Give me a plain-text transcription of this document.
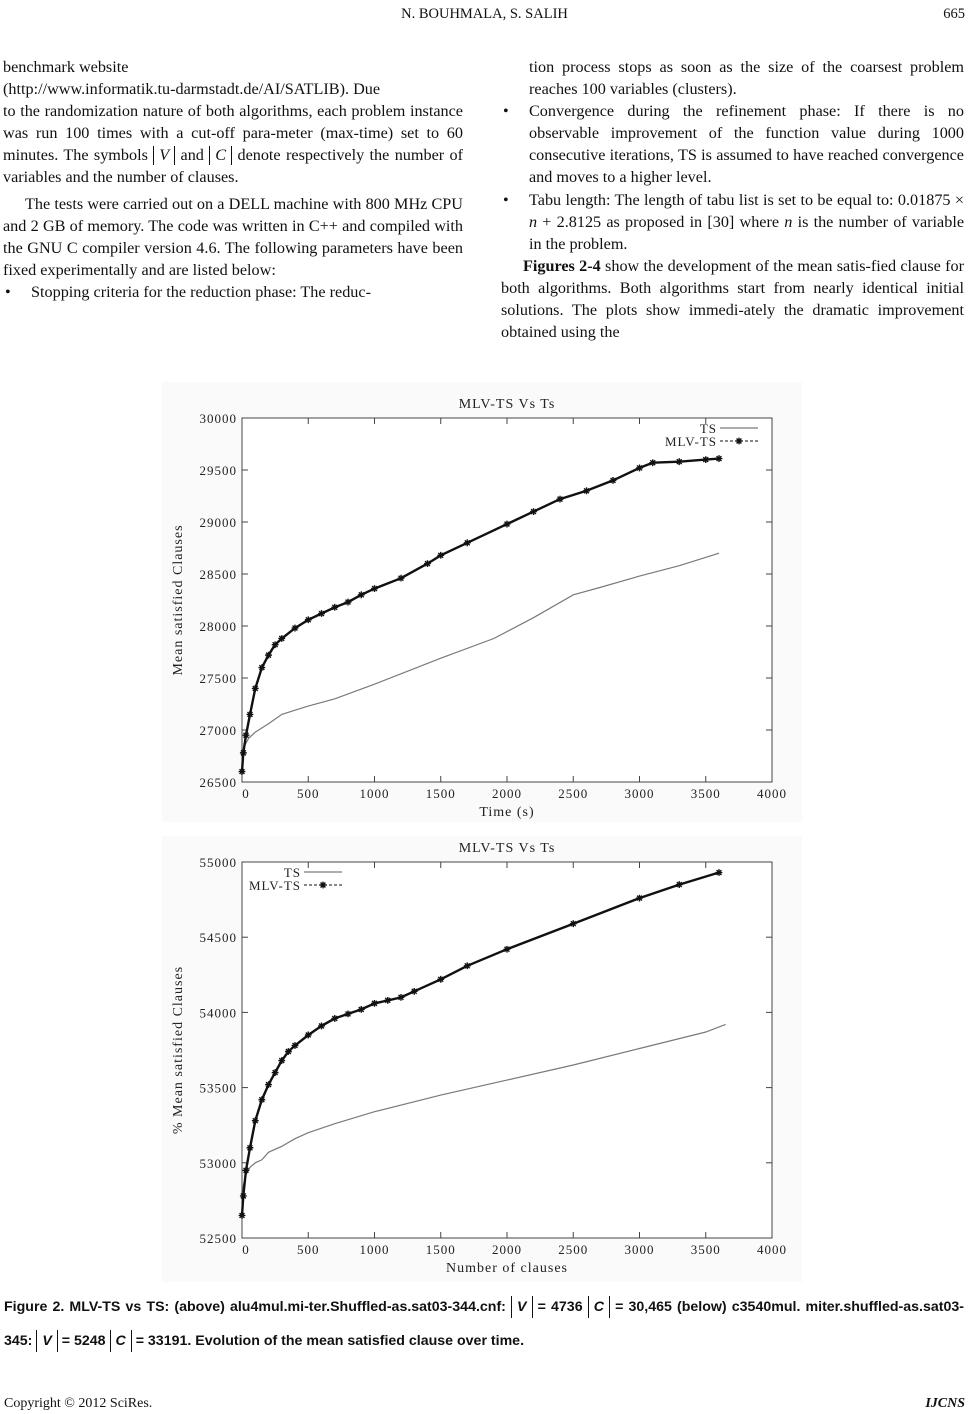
N. BOUHMALA, S. SALIH	665

benchmark website

(http://www.informatik.tu-darmstadt.de/AI/SATLIB). Due

to the randomization nature of both algorithms, each problem instance was run 100 times with a cut-off para-meter (max-time) set to 60 minutes. The symbols V and C denote respectively the number of variables and the number of clauses.

The tests were carried out on a DELL machine with 800 MHz CPU and 2 GB of memory. The code was written in C++ and compiled with the GNU C compiler version 4.6. The following parameters have been fixed experimentally and are listed below:

• Stopping criteria for the reduction phase: The reduc-

tion process stops as soon as the size of the coarsest problem reaches 100 variables (clusters).

• Convergence during the refinement phase: If there is no observable improvement of the function value during 1000 consecutive iterations, TS is assumed to have reached convergence and moves to a higher level.
• Tabu length: The length of tabu list is set to be equal to: 0.01875 × n + 2.8125 as proposed in [30] where n is the number of variable in the problem.

Figures 2-4 show the development of the mean satis-fied clause for both algorithms. Both algorithms start from nearly identical initial solutions. The plots show immedi-ately the dramatic improvement obtained using the

MLV-TS Vs Ts
0	500	1000	1500	2000	2500	3000	3500	4000
26500
27000
27500
28000
28500
29000
29500
30000
Time (s)
Mean satisfied Clauses
TS
MLV-TS
MLV-TS Vs Ts
0	500	1000	1500	2000	2500	3000	3500	4000
52500
53000
53500
54000
54500
55000
Number of clauses
% Mean satisfied Clauses
TS
MLV-TS
Figure 2. MLV-TS vs TS: (above) alu4mul.mi-ter.Shuffled-as.sat03-344.cnf: V = 4736 C = 30,465 (below) c3540mul. miter.shuffled-as.sat03-345: V = 5248 C = 33191. Evolution of the mean satisfied clause over time.
Copyright © 2012 SciRes.	IJCNS
